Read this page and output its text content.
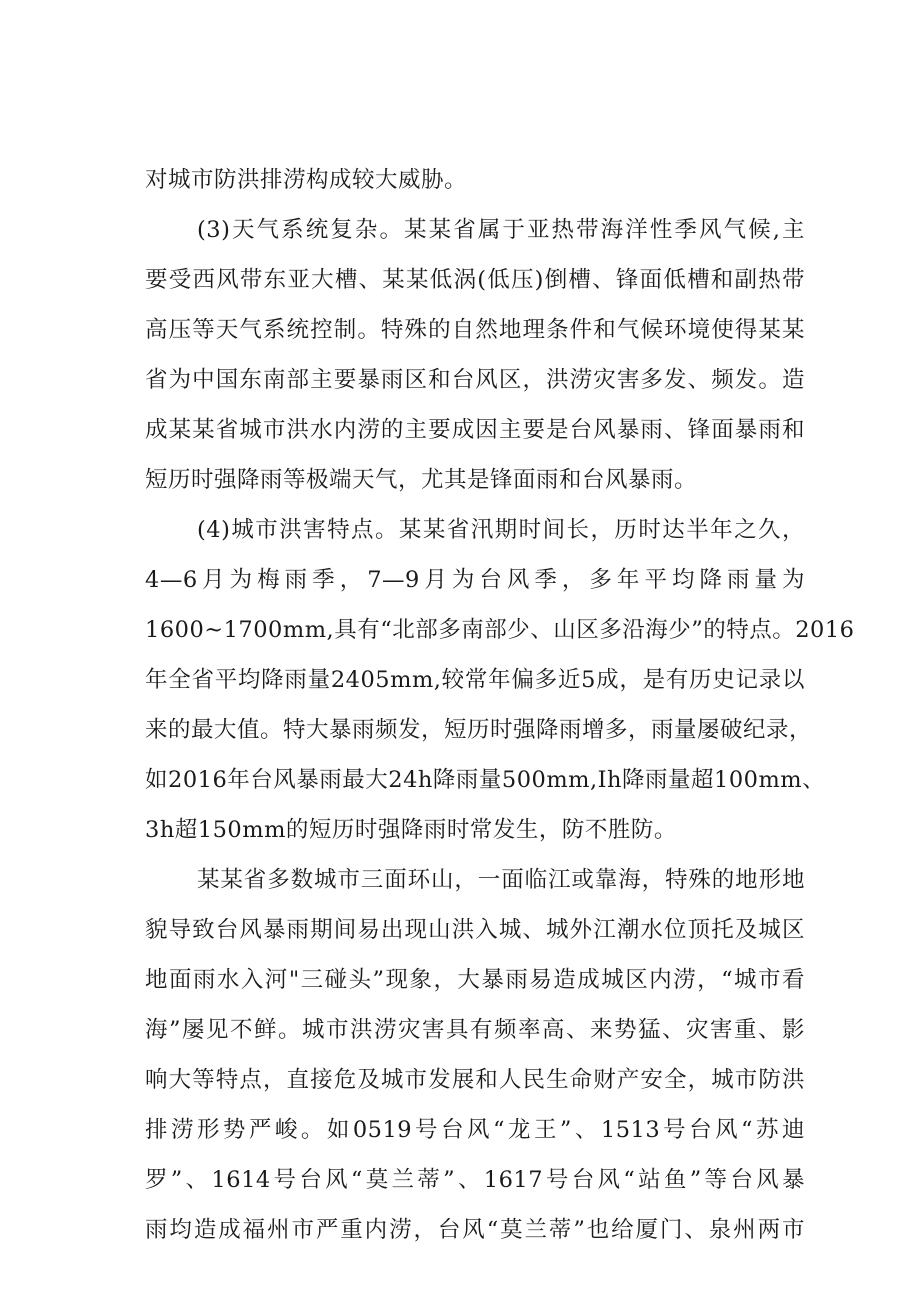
对城市防洪排涝构成较大威胁。
(3)天气系统复杂。某某省属于亚热带海洋性季风气候,主
要受西风带东亚大槽、某某低涡(低压)倒槽、锋面低槽和副热带
高压等天气系统控制。特殊的自然地理条件和气候环境使得某某
省为中国东南部主要暴雨区和台风区，洪涝灾害多发、频发。造
成某某省城市洪水内涝的主要成因主要是台风暴雨、锋面暴雨和
短历时强降雨等极端天气，尤其是锋面雨和台风暴雨。
(4)城市洪害特点。某某省汛期时间长，历时达半年之久，
4—6月为梅雨季，7—9月为台风季，多年平均降雨量为
1600~1700mm,具有“北部多南部少、山区多沿海少”的特点。2016
年全省平均降雨量2405mm,较常年偏多近5成，是有历史记录以
来的最大值。特大暴雨频发，短历时强降雨增多，雨量屡破纪录，
如2016年台风暴雨最大24h降雨量500mm,Ih降雨量超100mm、
3h超150mm的短历时强降雨时常发生，防不胜防。
某某省多数城市三面环山，一面临江或靠海，特殊的地形地
貌导致台风暴雨期间易出现山洪入城、城外江潮水位顶托及城区
地面雨水入河"三碰头”现象，大暴雨易造成城区内涝，“城市看
海”屡见不鲜。城市洪涝灾害具有频率高、来势猛、灾害重、影
响大等特点，直接危及城市发展和人民生命财产安全，城市防洪
排涝形势严峻。如0519号台风“龙王”、1513号台风“苏迪
罗”、1614号台风“莫兰蒂”、1617号台风“站鱼”等台风暴
雨均造成福州市严重内涝，台风“莫兰蒂”也给厦门、泉州两市
